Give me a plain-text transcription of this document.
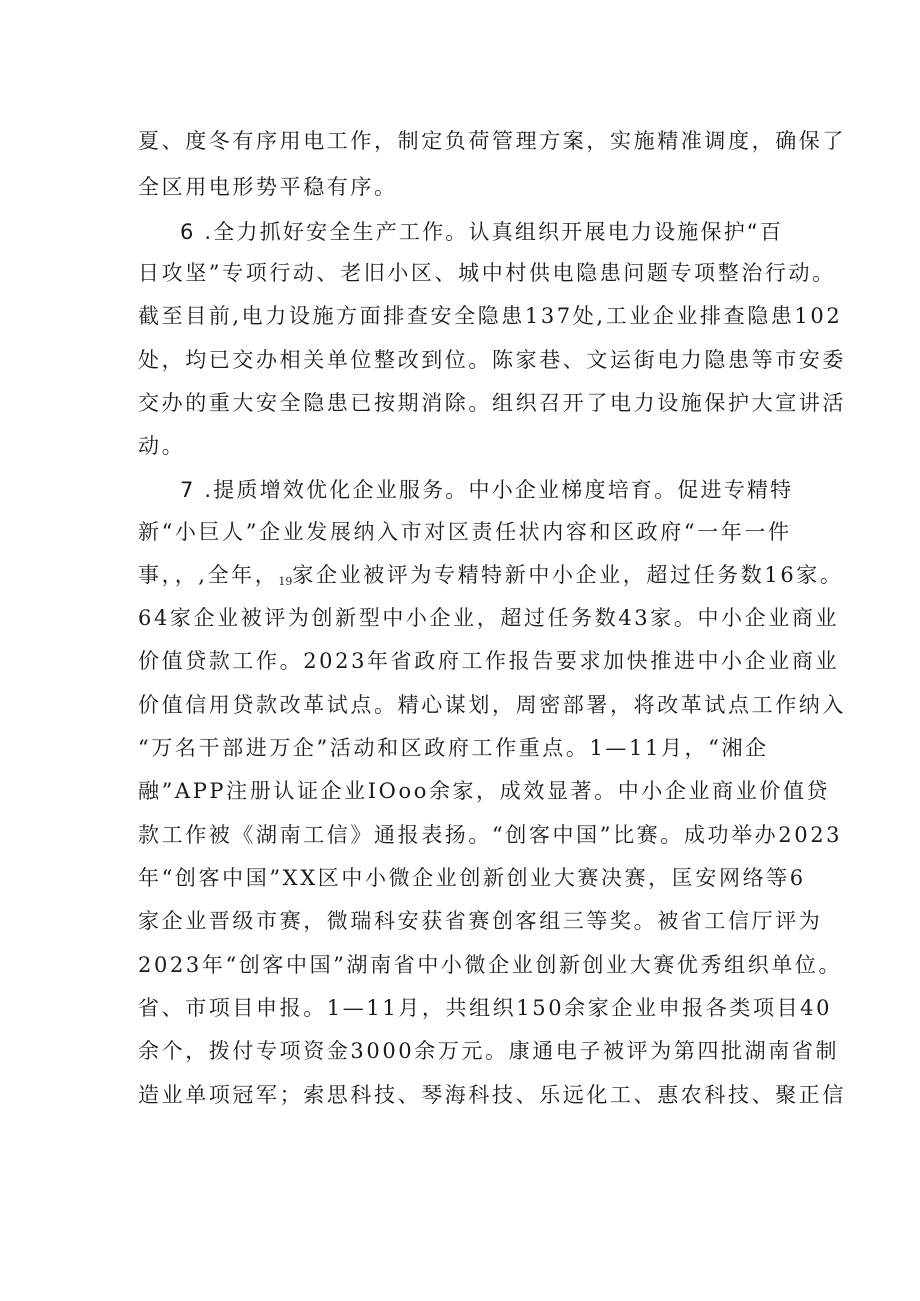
夏、度冬有序用电工作，制定负荷管理方案，实施精准调度，确保了
全区用电形势平稳有序。
6 .全力抓好安全生产工作。认真组织开展电力设施保护“百
日攻坚”专项行动、老旧小区、城中村供电隐患问题专项整治行动。
截至目前,电力设施方面排查安全隐患137处,工业企业排查隐患102
处，均已交办相关单位整改到位。陈家巷、文运街电力隐患等市安委
交办的重大安全隐患已按期消除。组织召开了电力设施保护大宣讲活
动。
7 .提质增效优化企业服务。中小企业梯度培育。促进专精特
新“小巨人”企业发展纳入市对区责任状内容和区政府“一年一件
事，，,全年，$_{19}$家企业被评为专精特新中小企业，超过任务数16家。
64家企业被评为创新型中小企业，超过任务数43家。中小企业商业
价值贷款工作。2023年省政府工作报告要求加快推进中小企业商业
价值信用贷款改革试点。精心谋划，周密部署，将改革试点工作纳入
“万名干部进万企”活动和区政府工作重点。1—11月，“湘企
融”APP注册认证企业IOoo余家，成效显著。中小企业商业价值贷
款工作被《湖南工信》通报表扬。“创客中国”比赛。成功举办2023
年“创客中国”XX区中小微企业创新创业大赛决赛，匡安网络等6
家企业晋级市赛，微瑞科安获省赛创客组三等奖。被省工信厅评为
2023年“创客中国”湖南省中小微企业创新创业大赛优秀组织单位。
省、市项目申报。1—11月，共组织150余家企业申报各类项目40
余个，拨付专项资金3000余万元。康通电子被评为第四批湖南省制
造业单项冠军；索思科技、琴海科技、乐远化工、惠农科技、聚正信
